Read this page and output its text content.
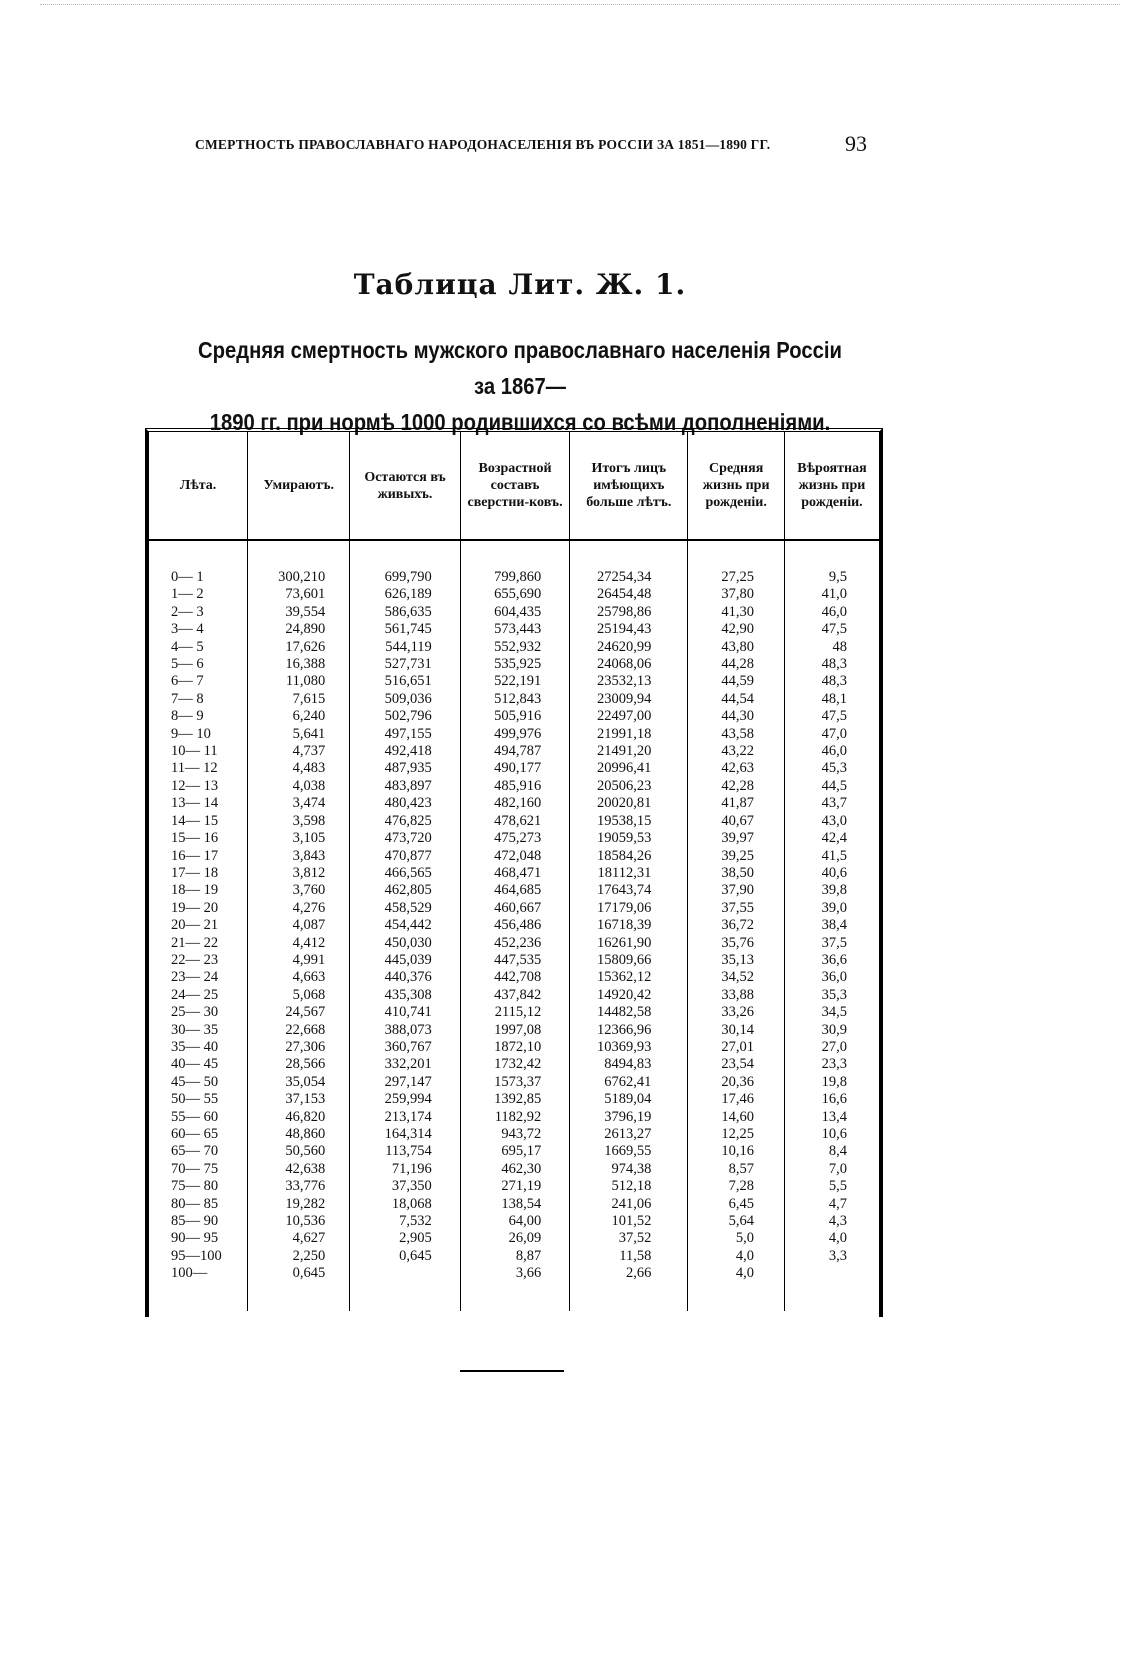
СМЕРТНОСТЬ ПРАВОСЛАВНАГО НАРОДОНАСЕЛЕНІЯ ВЪ РОССІИ ЗА 1851—1890 ГГ.	93
Таблица Лит. Ж. 1.
Средняя смертность мужского православнаго населенія Россіи за 1867—
1890 гг. при нормѣ 1000 родившихся со всѣми дополненіями.
Лѣта.	Умираютъ.	Остаются въ живыхъ.	Возрастной составъ сверстни-ковъ.	Итогъ лицъ имѣющихъ больше лѣтъ.	Средняя жизнь при рожденіи.	Вѣроятная жизнь при рожденіи.

0— 1	300,210	699,790	799,860	27254,34	27,25	9,5
1— 2	73,601	626,189	655,690	26454,48	37,80	41,0
2— 3	39,554	586,635	604,435	25798,86	41,30	46,0
3— 4	24,890	561,745	573,443	25194,43	42,90	47,5
4— 5	17,626	544,119	552,932	24620,99	43,80	48
5— 6	16,388	527,731	535,925	24068,06	44,28	48,3
6— 7	11,080	516,651	522,191	23532,13	44,59	48,3
7— 8	7,615	509,036	512,843	23009,94	44,54	48,1
8— 9	6,240	502,796	505,916	22497,00	44,30	47,5
9— 10	5,641	497,155	499,976	21991,18	43,58	47,0
10— 11	4,737	492,418	494,787	21491,20	43,22	46,0
11— 12	4,483	487,935	490,177	20996,41	42,63	45,3
12— 13	4,038	483,897	485,916	20506,23	42,28	44,5
13— 14	3,474	480,423	482,160	20020,81	41,87	43,7
14— 15	3,598	476,825	478,621	19538,15	40,67	43,0
15— 16	3,105	473,720	475,273	19059,53	39,97	42,4
16— 17	3,843	470,877	472,048	18584,26	39,25	41,5
17— 18	3,812	466,565	468,471	18112,31	38,50	40,6
18— 19	3,760	462,805	464,685	17643,74	37,90	39,8
19— 20	4,276	458,529	460,667	17179,06	37,55	39,0
20— 21	4,087	454,442	456,486	16718,39	36,72	38,4
21— 22	4,412	450,030	452,236	16261,90	35,76	37,5
22— 23	4,991	445,039	447,535	15809,66	35,13	36,6
23— 24	4,663	440,376	442,708	15362,12	34,52	36,0
24— 25	5,068	435,308	437,842	14920,42	33,88	35,3
25— 30	24,567	410,741	2115,12	14482,58	33,26	34,5
30— 35	22,668	388,073	1997,08	12366,96	30,14	30,9
35— 40	27,306	360,767	1872,10	10369,93	27,01	27,0
40— 45	28,566	332,201	1732,42	8494,83	23,54	23,3
45— 50	35,054	297,147	1573,37	6762,41	20,36	19,8
50— 55	37,153	259,994	1392,85	5189,04	17,46	16,6
55— 60	46,820	213,174	1182,92	3796,19	14,60	13,4
60— 65	48,860	164,314	943,72	2613,27	12,25	10,6
65— 70	50,560	113,754	695,17	1669,55	10,16	8,4
70— 75	42,638	71,196	462,30	974,38	8,57	7,0
75— 80	33,776	37,350	271,19	512,18	7,28	5,5
80— 85	19,282	18,068	138,54	241,06	6,45	4,7
85— 90	10,536	7,532	64,00	101,52	5,64	4,3
90— 95	4,627	2,905	26,09	37,52	5,0	4,0
95—100	2,250	0,645	8,87	11,58	4,0	3,3
100—	0,645		3,66	2,66	4,0	
